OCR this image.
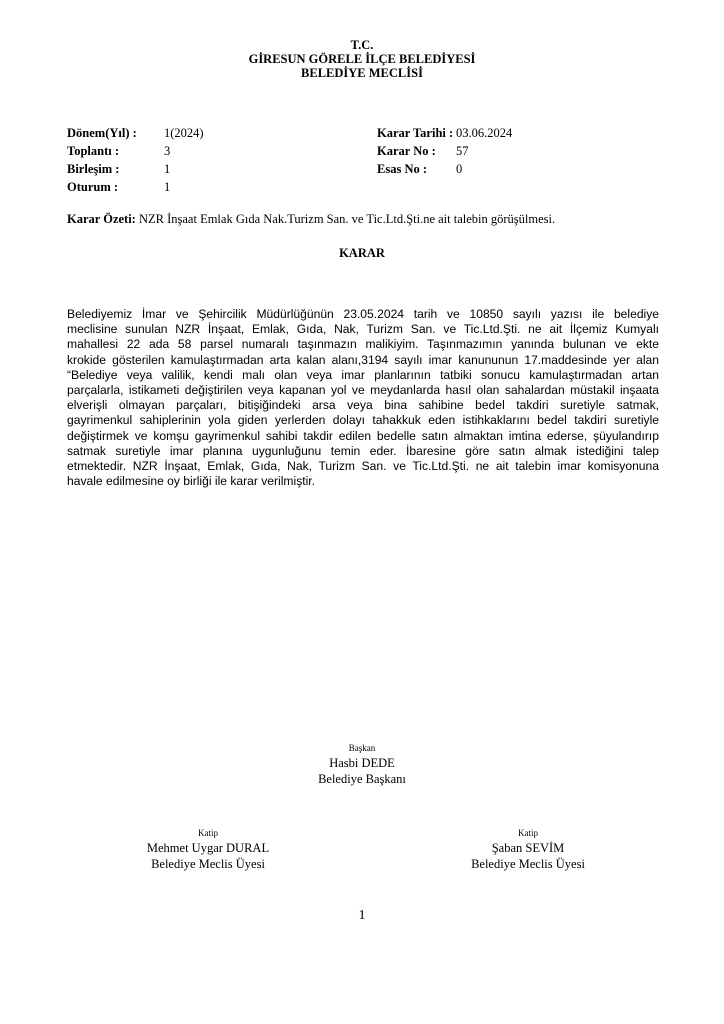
T.C.
GİRESUN GÖRELE İLÇE BELEDİYESİ
BELEDİYE MECLİSİ
Dönem(Yıl) : 1(2024)
Toplantı :	3
Birleşim :	1
Oturum :	1
Karar Tarihi : 03.06.2024
Karar No : 57
Esas No : 0
Karar Özeti: NZR İnşaat Emlak Gıda Nak.Turizm San. ve Tic.Ltd.Şti.ne ait talebin görüşülmesi.
KARAR
Belediyemiz İmar ve Şehircilik Müdürlüğünün 23.05.2024 tarih ve 10850 sayılı yazısı ile belediye
meclisine sunulan NZR İnşaat, Emlak, Gıda, Nak, Turizm San. ve Tic.Ltd.Şti. ne ait İlçemiz Kumyalı
mahallesi 22 ada 58 parsel numaralı taşınmazın malikiyim. Taşınmazımın yanında bulunan ve ekte
krokide gösterilen kamulaştırmadan arta kalan alanı,3194 sayılı imar kanununun 17.maddesinde yer alan
“Belediye veya valilik, kendi malı olan veya imar planlarının tatbiki sonucu kamulaştırmadan artan
parçalarla, istikameti değiştirilen veya kapanan yol ve meydanlarda hasıl olan sahalardan müstakil inşaata
elverişli olmayan parçaları, bitişiğindeki arsa veya bina sahibine bedel takdiri suretiyle satmak,
gayrimenkul sahiplerinin yola giden yerlerden dolayı tahakkuk eden istihkaklarını bedel takdiri suretiyle
değiştirmek ve komşu gayrimenkul sahibi takdir edilen bedelle satın almaktan imtina ederse, şüyulandırıp
satmak suretiyle imar planına uygunluğunu temin eder. İbaresine göre satın almak istediğini talep
etmektedir. NZR İnşaat, Emlak, Gıda, Nak, Turizm San. ve Tic.Ltd.Şti. ne ait talebin imar komisyonuna
havale edilmesine oy birliği ile karar verilmiştir.
Başkan
Hasbi DEDE
Belediye Başkanı
Katip
Mehmet Uygar DURAL
Belediye Meclis Üyesi
Katip
Şaban SEVİM
Belediye Meclis Üyesi
1
